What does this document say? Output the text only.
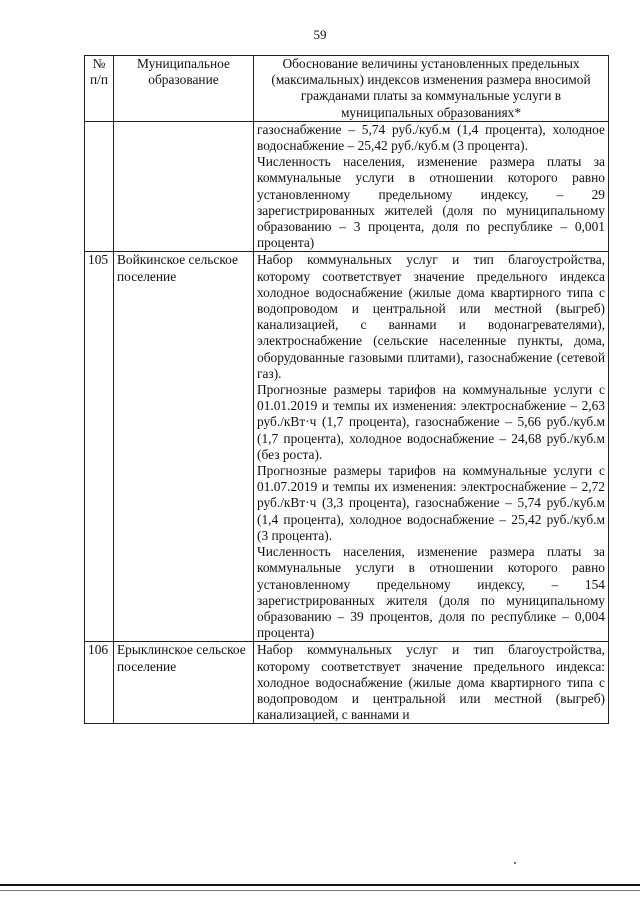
59
№ п/п	Муниципальное образование	Обоснование величины установленных предельных (максимальных) индексов изменения размера вносимой гражданами платы за коммунальные услуги в муниципальных образованиях*

		газоснабжение – 5,74 руб./куб.м (1,4 процента), холодное водоснабжение – 25,42 руб./куб.м (3 процента).

Численность населения, изменение размера платы за коммунальные услуги в отношении которого равно установленному предельному индексу, – 29 зарегистрированных жителей (доля по муниципальному образованию – 3 процента, доля по республике – 0,001 процента)

105	Войкинское сельское поселение	Набор коммунальных услуг и тип благоустройства, которому соответствует значение предельного индекса холодное водоснабжение (жилые дома квартирного типа с водопроводом и центральной или местной (выгреб) канализацией, с ваннами и водонагревателями), электроснабжение (сельские населенные пункты, дома, оборудованные газовыми плитами), газоснабжение (сетевой газ).

Прогнозные размеры тарифов на коммунальные услуги с 01.01.2019 и темпы их изменения: электроснабжение – 2,63 руб./кВт·ч (1,7 процента), газоснабжение – 5,66 руб./куб.м (1,7 процента), холодное водоснабжение – 24,68 руб./куб.м (без роста).

Прогнозные размеры тарифов на коммунальные услуги с 01.07.2019 и темпы их изменения: электроснабжение – 2,72 руб./кВт·ч (3,3 процента), газоснабжение – 5,74 руб./куб.м (1,4 процента), холодное водоснабжение – 25,42 руб./куб.м (3 процента).

Численность населения, изменение размера платы за коммунальные услуги в отношении которого равно установленному предельному индексу, – 154 зарегистрированных жителя (доля по муниципальному образованию – 39 процентов, доля по республике – 0,004 процента)

106	Ерыклинское сельское поселение	Набор коммунальных услуг и тип благоустройства, которому соответствует значение предельного индекса: холодное водоснабжение (жилые дома квартирного типа с водопроводом и центральной или местной (выгреб) канализацией, с ваннами и
